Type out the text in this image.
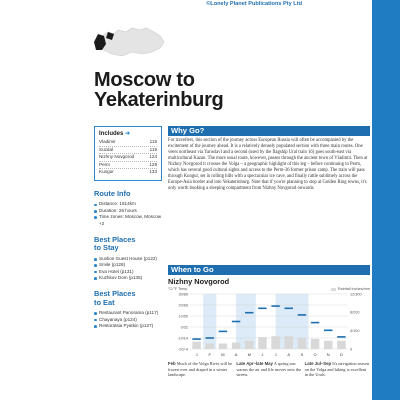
©Lonely Planet Publications Pty Ltd
Moscow to
Yekaterinburg
Includes ➜
Vladimir	115
Suzdal	119
Nizhny Novgorod	124
Perm	129
Kungur	133
Route Info
Distance: 1814km
Duration: 26 hours
Time zones: Moscow, Moscow +2
Best Places
to Stay
Sunlion Guest House (p122)
Smile (p128)
Eva Hotel (p131)
Kuzhkov Dom (p135)
Best Places
to Eat
Restaurant Panorama (p117)
Chayanaya (p124)
Restoratsia Pyatkin (p127)
Why Go?
For travellers, this section of the journey across European Russia will often be accompanied by the excitement of the journey ahead. It is a relatively densely populated section with three main routes. One veers northeast via Yaroslavl and a second (used by the flagship Ural train 16) goes south-east via multicultural Kazan. The more usual route, however, passes through the ancient town of Vladimir. Then at Nizhny Novgorod it crosses the Volga – a geographic highlight of this leg – before continuing to Perm, which has several good cultural sights and access to the Perm-36 former prison camp. The train will pass through Kungur, set in rolling hills with a spectacular ice cave, and finally rattle sublimely across the Europe-Asia border and into Yekaterinburg. Note that if you're planning to stop at Golden Ring towns, it's only worth booking a sleeping compartment from Nizhny Novgorod onwards.
When to Go
Nizhny Novgorod
°C/°F Temp	Rainfall inches/mm
30/86
20/68
10/50
0/32
-10/14
-20/-4
12/300
8/200
4/100
0
J	F	M	A	M	J	J	A	S	O	N	D
Feb Much of the Volga River will be frozen over and draped in a winter landscape.
Late Apr–late May A spring sun warms the air and life moves onto the streets.
Late Jul–Sep It's navigation season on the Volga and hiking is excellent in the Urals.
